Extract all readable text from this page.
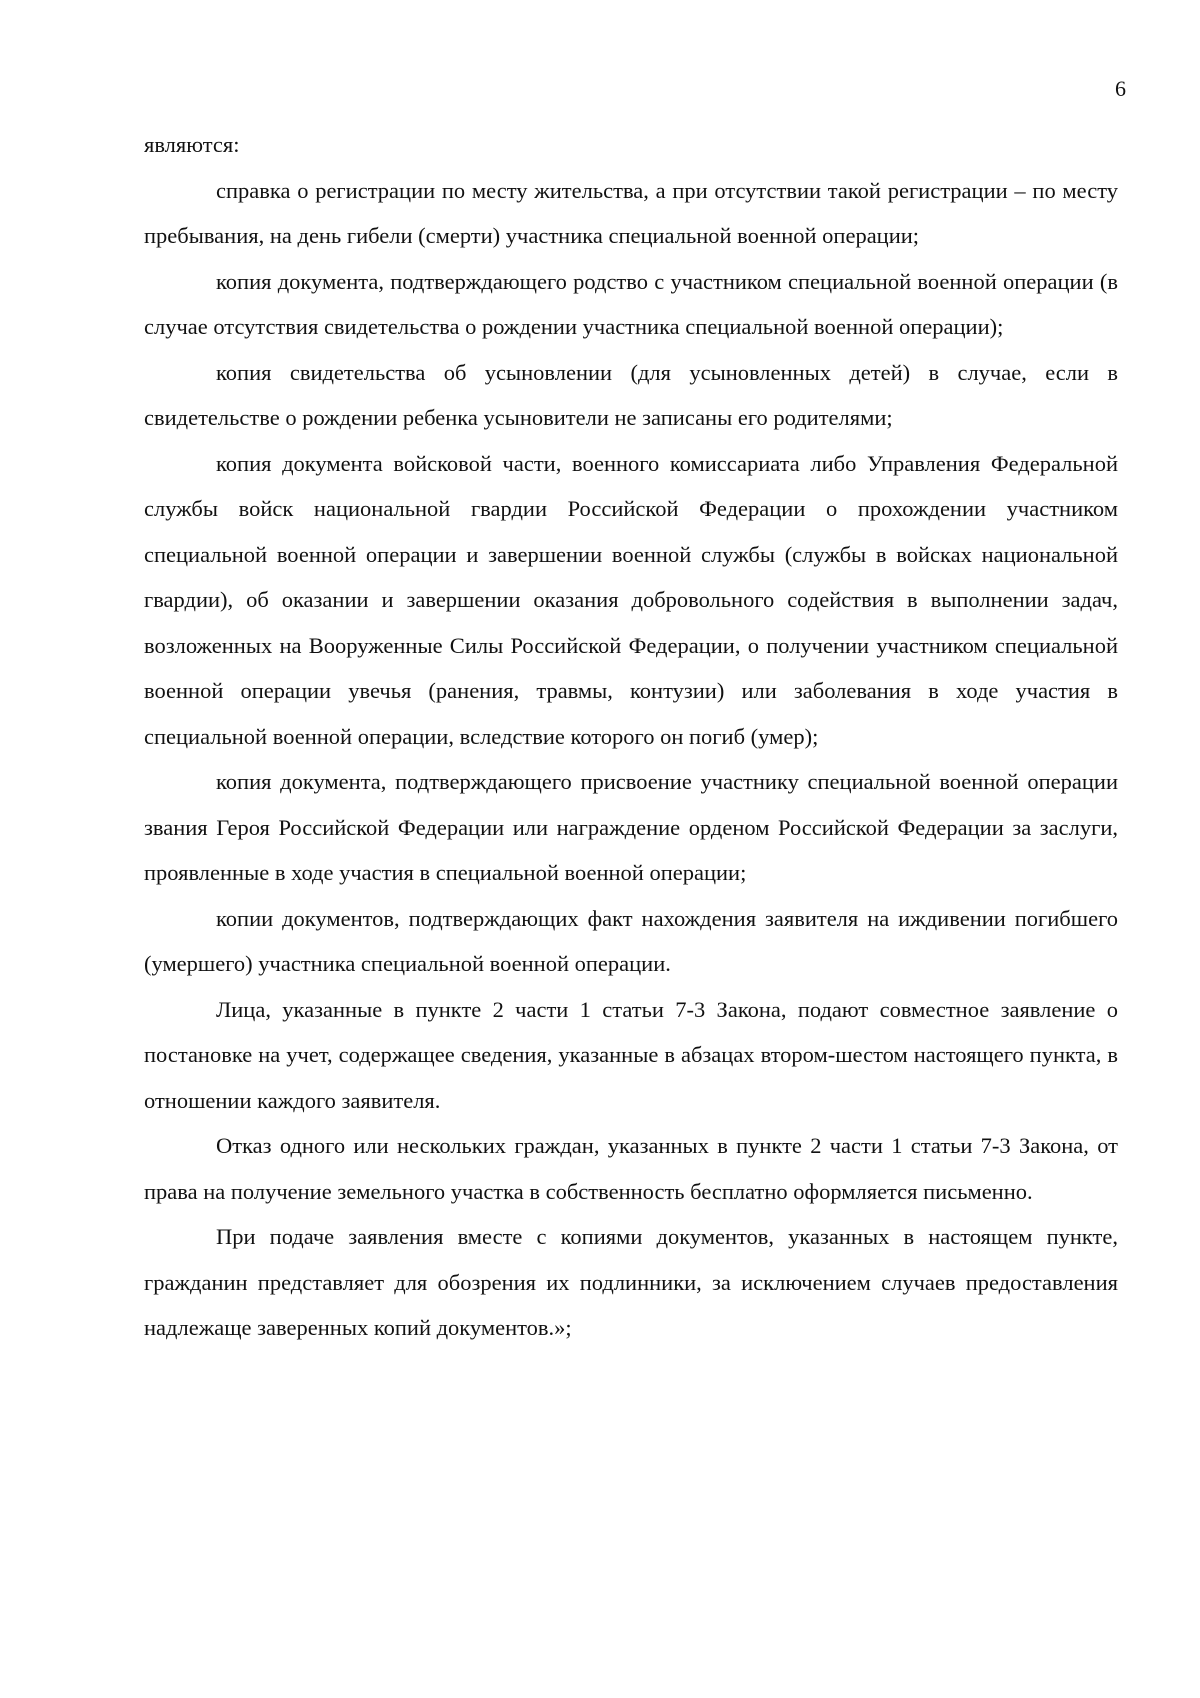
6

являются:

справка о регистрации по месту жительства, а при отсутствии такой регистрации – по месту пребывания, на день гибели (смерти) участника специальной военной операции;

копия документа, подтверждающего родство с участником специальной военной операции (в случае отсутствия свидетельства о рождении участника специальной военной операции);

копия свидетельства об усыновлении (для усыновленных детей) в случае, если в свидетельстве о рождении ребенка усыновители не записаны его родителями;

копия документа войсковой части, военного комиссариата либо Управления Федеральной службы войск национальной гвардии Российской Федерации о прохождении участником специальной военной операции и завершении военной службы (службы в войсках национальной гвардии), об оказании и завершении оказания добровольного содействия в выполнении задач, возложенных на Вооруженные Силы Российской Федерации, о получении участником специальной военной операции увечья (ранения, травмы, контузии) или заболевания в ходе участия в специальной военной операции, вследствие которого он погиб (умер);

копия документа, подтверждающего присвоение участнику специальной военной операции звания Героя Российской Федерации или награждение орденом Российской Федерации за заслуги, проявленные в ходе участия в специальной военной операции;

копии документов, подтверждающих факт нахождения заявителя на иждивении погибшего (умершего) участника специальной военной операции.

Лица, указанные в пункте 2 части 1 статьи 7-3 Закона, подают совместное заявление о постановке на учет, содержащее сведения, указанные в абзацах втором-шестом настоящего пункта, в отношении каждого заявителя.

Отказ одного или нескольких граждан, указанных в пункте 2 части 1 статьи 7-3 Закона, от права на получение земельного участка в собственность бесплатно оформляется письменно.

При подаче заявления вместе с копиями документов, указанных в настоящем пункте, гражданин представляет для обозрения их подлинники, за исключением случаев предоставления надлежаще заверенных копий документов.»;
